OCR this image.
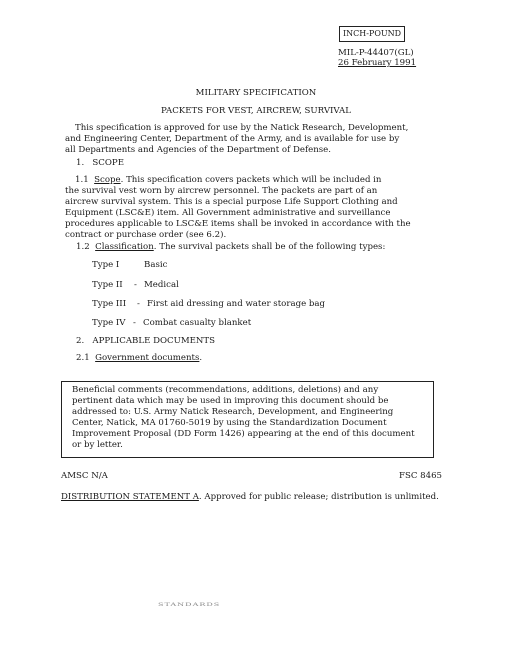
INCH-POUND
MIL-P-44407(GL)
26 February 1991
MILITARY SPECIFICATION
PACKETS FOR VEST, AIRCREW, SURVIVAL
This specification is approved for use by the Natick Research, Development,
and Engineering Center, Department of the Army, and is available for use by
all Departments and Agencies of the Department of Defense.
1. SCOPE
1.1 Scope. This specification covers packets which will be included in
the survival vest worn by aircrew personnel. The packets are part of an
aircrew survival system. This is a special purpose Life Support Clothing and
Equipment (LSC&E) item. All Government administrative and surveillance
procedures applicable to LSC&E items shall be invoked in accordance with the
contract or purchase order (see 6.2).
1.2 Classification. The survival packets shall be of the following types:
Type I	Basic
Type II - Medical
Type III - First aid dressing and water storage bag
Type IV - Combat casualty blanket
2. APPLICABLE DOCUMENTS
2.1 Government documents.
Beneficial comments (recommendations, additions, deletions) and any
pertinent data which may be used in improving this document should be
addressed to: U.S. Army Natick Research, Development, and Engineering
Center, Natick, MA 01760-5019 by using the Standardization Document
Improvement Proposal (DD Form 1426) appearing at the end of this document
or by letter.
AMSC N/A	FSC 8465
DISTRIBUTION STATEMENT A. Approved for public release; distribution is unlimited.
STANDARDS
